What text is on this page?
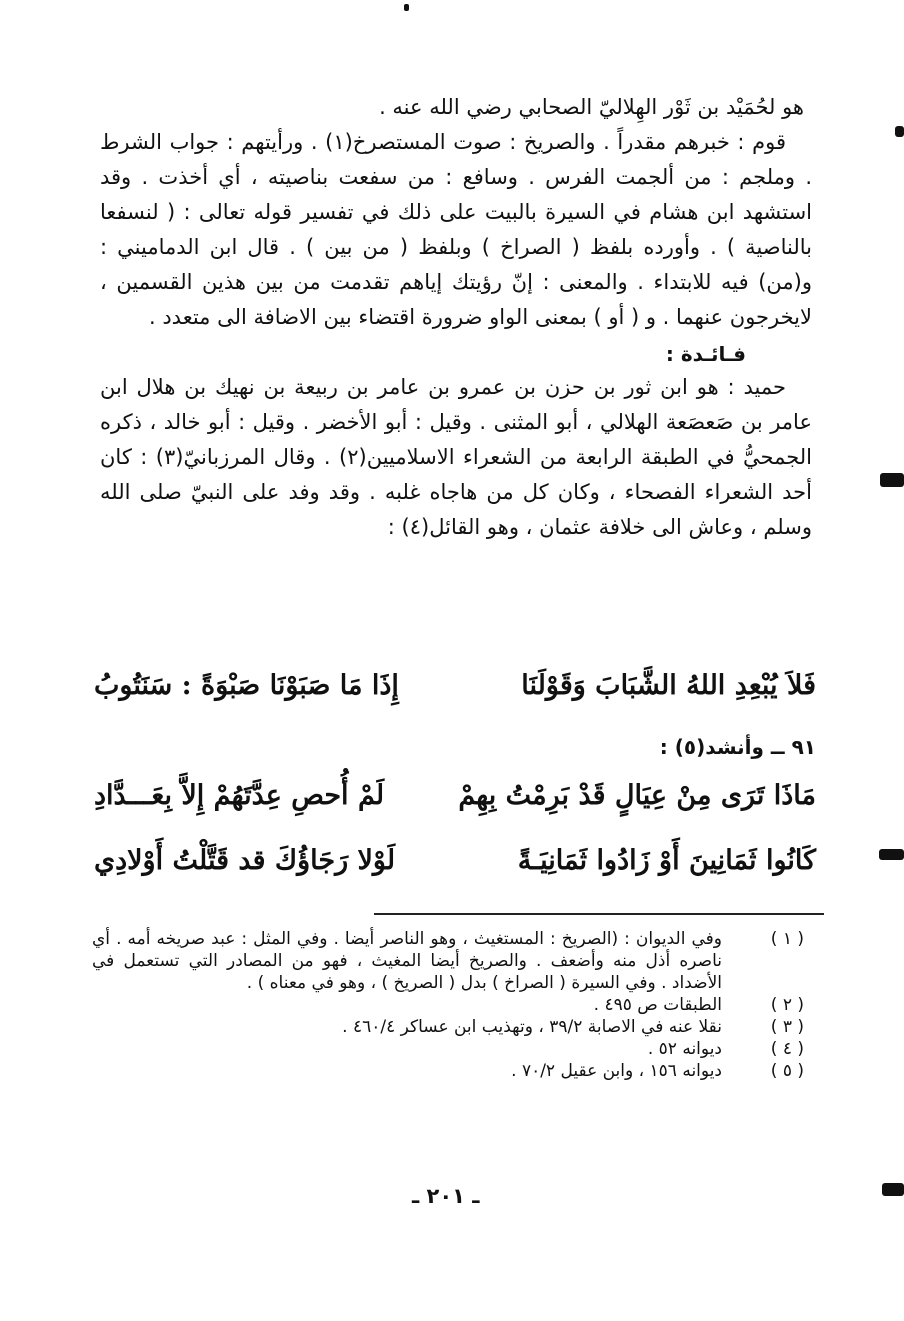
هو لحُمَيْد بن ثَوْر الهِلاليّ الصحابي رضي الله عنه .

قوم : خبرهم مقدراً . والصريخ : صوت المستصرخ(١) . ورأيتهم : جواب الشرط . وملجم : من ألجمت الفرس . وسافع : من سفعت بناصيته ، أي أخذت . وقد استشهد ابن هشام في السيرة بالبيت على ذلك في تفسير قوله تعالى : ( لنسفعا بالناصية ) . وأورده بلفظ ( الصراخ ) وبلفظ ( من بين ) . قال ابن الدماميني : و(من) فيه للابتداء . والمعنى : إنّ رؤيتك إياهم تقدمت من بين هذين القسمين ، لايخرجون عنهما . و ( أو ) بمعنى الواو ضرورة اقتضاء بين الاضافة الى متعدد .

فـائـدة :

حميد : هو ابن ثور بن حزن بن عمرو بن عامر بن ربيعة بن نهيك بن هلال ابن عامر بن صَعصَعة الهلالي ، أبو المثنى . وقيل : أبو الأخضر . وقيل : أبو خالد ، ذكره الجمحيُّ في الطبقة الرابعة من الشعراء الاسلاميين(٢) . وقال المرزبانيّ(٣) : كان أحد الشعراء الفصحاء ، وكان كل من هاجاه غلبه . وقد وفد على النبيّ صلى الله وسلم ، وعاش الى خلافة عثمان ، وهو القائل(٤) :

فَلاَ يُبْعِدِ اللهُ الشَّبَابَ وَقَوْلَنَا
إِذَا مَا صَبَوْنَا صَبْوَةً : سَنَتُوبُ
٩١ ــ وأنشد(٥) :
مَاذَا تَرَى مِنْ عِيَالٍ قَدْ بَرِمْتُ بِهِمْ
لَمْ أُحصِ عِدَّتَهُمْ إِلاَّ بِعَـــدَّادِ
كَانُوا ثَمَانِينَ أَوْ زَادُوا ثَمَانِيَـةً
لَوْلا رَجَاؤُكَ قد قَتَّلْتُ أَوْلادِي
( ١ )
وفي الديوان : (الصريخ : المستغيث ، وهو الناصر أيضا . وفي المثل : عبد صريخه أمه . أي ناصره أذل منه وأضعف . والصريخ أيضا المغيث ، فهو من المصادر التي تستعمل في الأضداد . وفي السيرة ( الصراخ ) بدل ( الصريخ ) ، وهو في معناه ) .
( ٢ )
الطبقات ص ٤٩٥ .
( ٣ )
نقلا عنه في الاصابة ٣٩/٢ ، وتهذيب ابن عساكر ٤٦٠/٤ .
( ٤ )
ديوانه ٥٢ .
( ٥ )
ديوانه ١٥٦ ، وابن عقيل ٧٠/٢ .
ـ ٢٠١ ـ
